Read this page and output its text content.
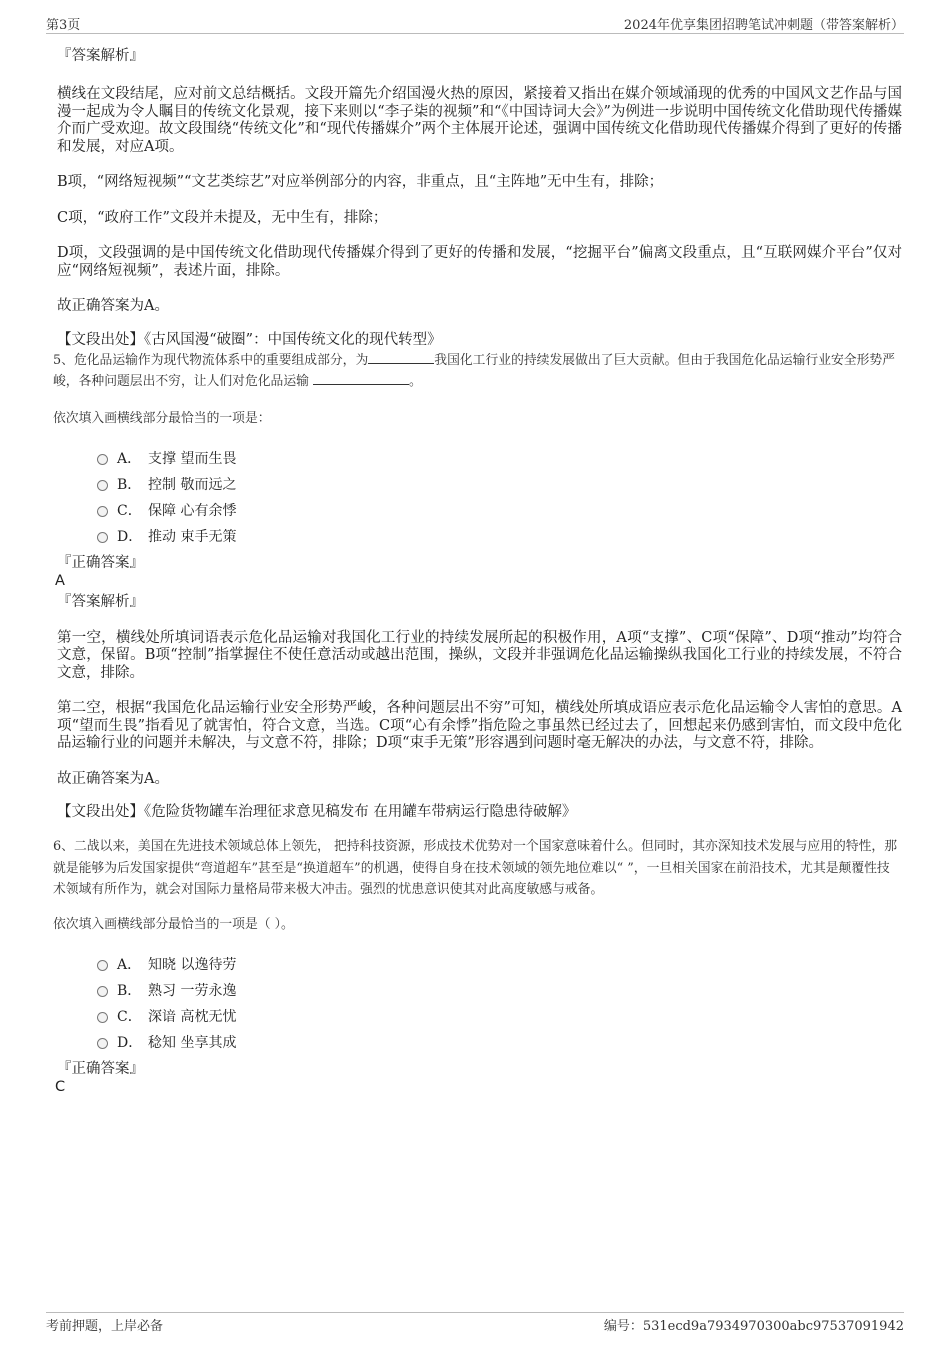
第3页	2024年优享集团招聘笔试冲刺题（带答案解析）
『答案解析』

横线在文段结尾，应对前文总结概括。文段开篇先介绍国漫火热的原因，紧接着又指出在媒介领域涌现的优秀的中国风文艺作品与国漫一起成为令人瞩目的传统文化景观，接下来则以“李子柒的视频”和“《中国诗词大会》”为例进一步说明中国传统文化借助现代传播媒介而广受欢迎。故文段围绕“传统文化”和“现代传播媒介”两个主体展开论述，强调中国传统文化借助现代传播媒介得到了更好的传播和发展，对应A项。

B项，“网络短视频”“文艺类综艺”对应举例部分的内容，非重点，且“主阵地”无中生有，排除；

C项，“政府工作”文段并未提及，无中生有，排除；

D项，文段强调的是中国传统文化借助现代传播媒介得到了更好的传播和发展，“挖掘平台”偏离文段重点，且“互联网媒介平台”仅对应“网络短视频”，表述片面，排除。

故正确答案为A。

【文段出处】《古风国漫“破圈”：中国传统文化的现代转型》
5、危化品运输作为现代物流体系中的重要组成部分，为	我国化工行业的持续发展做出了巨大贡献。但由于我国危化品运输行业安全形势严峻，各种问题层出不穷，让人们对危化品运输	。
依次填入画横线部分最恰当的一项是：
A． 支撑 望而生畏
B． 控制 敬而远之
C． 保障 心有余悸
D． 推动 束手无策
『正确答案』
A
『答案解析』

第一空，横线处所填词语表示危化品运输对我国化工行业的持续发展所起的积极作用，A项“支撑”、C项“保障”、D项“推动”均符合文意，保留。B项“控制”指掌握住不使任意活动或越出范围，操纵，文段并非强调危化品运输操纵我国化工行业的持续发展，不符合文意，排除。

第二空，根据“我国危化品运输行业安全形势严峻，各种问题层出不穷”可知，横线处所填成语应表示危化品运输令人害怕的意思。A项“望而生畏”指看见了就害怕，符合文意，当选。C项“心有余悸”指危险之事虽然已经过去了，回想起来仍感到害怕，而文段中危化品运输行业的问题并未解决，与文意不符，排除；D项“束手无策”形容遇到问题时毫无解决的办法，与文意不符，排除。

故正确答案为A。

【文段出处】《危险货物罐车治理征求意见稿发布 在用罐车带病运行隐患待破解》
6、二战以来，美国在先进技术领域总体上领先， 把持科技资源，形成技术优势对一个国家意味着什么。但同时，其亦深知技术发展与应用的特性，那就是能够为后发国家提供“弯道超车”甚至是“换道超车”的机遇，使得自身在技术领域的领先地位难以“ ”，一旦相关国家在前沿技术，尤其是颠覆性技术领域有所作为，就会对国际力量格局带来极大冲击。强烈的忧患意识使其对此高度敏感与戒备。
依次填入画横线部分最恰当的一项是（ ）。
A． 知晓 以逸待劳
B． 熟习 一劳永逸
C． 深谙 高枕无忧
D． 稔知 坐享其成
『正确答案』
C
考前押题，上岸必备	编号：531ecd9a7934970300abc97537091942
